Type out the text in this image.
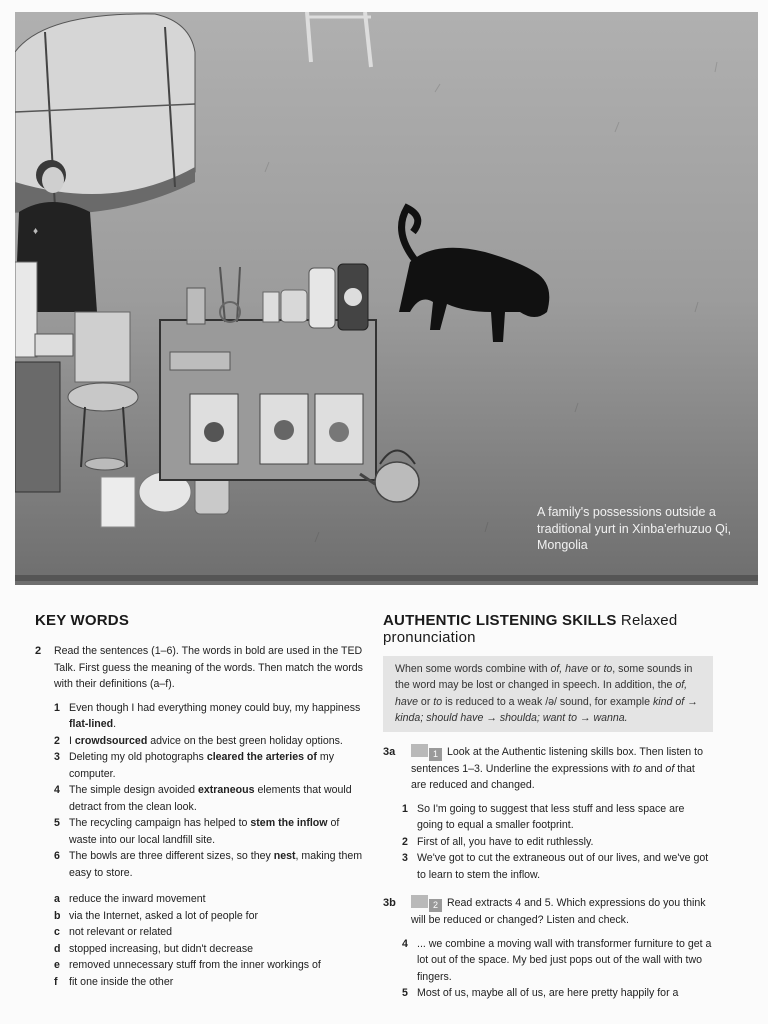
♦
A family's possessions outside a traditional yurt in Xinba'erhuzuo Qi, Mongolia
KEY WORDS
2	Read the sentences (1–6). The words in bold are used in the TED Talk. First guess the meaning of the words. Then match the words with their definitions (a–f).
1 Even though I had everything money could buy, my happiness flat-lined.
2 I crowdsourced advice on the best green holiday options.
3 Deleting my old photographs cleared the arteries of my computer.
4 The simple design avoided extraneous elements that would detract from the clean look.
5 The recycling campaign has helped to stem the inflow of waste into our local landfill site.
6 The bowls are three different sizes, so they nest, making them easy to store.
a reduce the inward movement
b via the Internet, asked a lot of people for
c not relevant or related
d stopped increasing, but didn't decrease
e removed unnecessary stuff from the inner workings of
f	fit one inside the other
AUTHENTIC LISTENING SKILLS Relaxed pronunciation
When some words combine with of, have or to, some sounds in the word may be lost or changed in speech. In addition, the of, have or to is reduced to a weak /ə/ sound, for example kind of → kinda; should have → shoulda; want to → wanna.
3a	1 Look at the Authentic listening skills box. Then listen to sentences 1–3. Underline the expressions with to and of that are reduced and changed.
1 So I'm going to suggest that less stuff and less space are going to equal a smaller footprint.
2 First of all, you have to edit ruthlessly.
3 We've got to cut the extraneous out of our lives, and we've got to learn to stem the inflow.
3b	2 Read extracts 4 and 5. Which expressions do you think will be reduced or changed? Listen and check.
4 ... we combine a moving wall with transformer furniture to get a lot out of the space. My bed just pops out of the wall with two fingers.
5 Most of us, maybe all of us, are here pretty happily for a
